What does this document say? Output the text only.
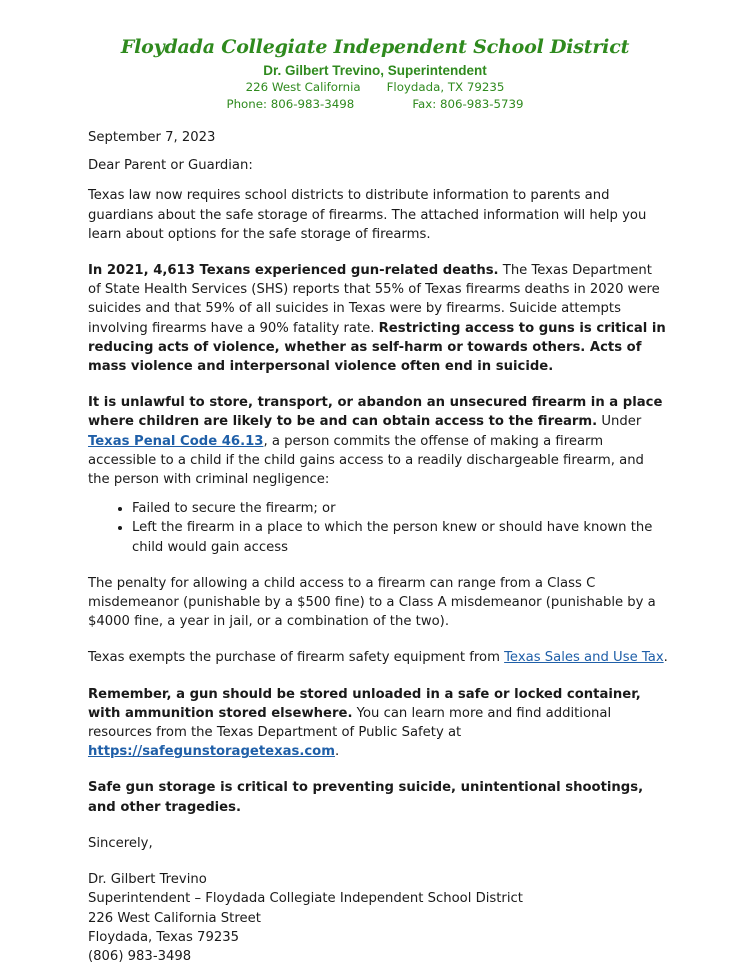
Floydada Collegiate Independent School District
Dr. Gilbert Trevino, Superintendent
226 West California Floydada, TX 79235
Phone: 806-983-3498	Fax: 806-983-5739

September 7, 2023

Dear Parent or Guardian:

Texas law now requires school districts to distribute information to parents and guardians about the safe storage of firearms. The attached information will help you learn about options for the safe storage of firearms.

In 2021, 4,613 Texans experienced gun-related deaths. The Texas Department of State Health Services (SHS) reports that 55% of Texas firearms deaths in 2020 were suicides and that 59% of all suicides in Texas were by firearms. Suicide attempts involving firearms have a 90% fatality rate. Restricting access to guns is critical in reducing acts of violence, whether as self-harm or towards others. Acts of mass violence and interpersonal violence often end in suicide.

It is unlawful to store, transport, or abandon an unsecured firearm in a place where children are likely to be and can obtain access to the firearm. Under Texas Penal Code 46.13, a person commits the offense of making a firearm accessible to a child if the child gains access to a readily dischargeable firearm, and the person with criminal negligence:

• Failed to secure the firearm; or
• Left the firearm in a place to which the person knew or should have known the child would gain access

The penalty for allowing a child access to a firearm can range from a Class C misdemeanor (punishable by a $500 fine) to a Class A misdemeanor (punishable by a $4000 fine, a year in jail, or a combination of the two).

Texas exempts the purchase of firearm safety equipment from Texas Sales and Use Tax.

Remember, a gun should be stored unloaded in a safe or locked container, with ammunition stored elsewhere. You can learn more and find additional resources from the Texas Department of Public Safety at https://safegunstoragetexas.com.

Safe gun storage is critical to preventing suicide, unintentional shootings, and other tragedies.

Sincerely,

Dr. Gilbert Trevino

Superintendent – Floydada Collegiate Independent School District

226 West California Street

Floydada, Texas 79235

(806) 983-3498
